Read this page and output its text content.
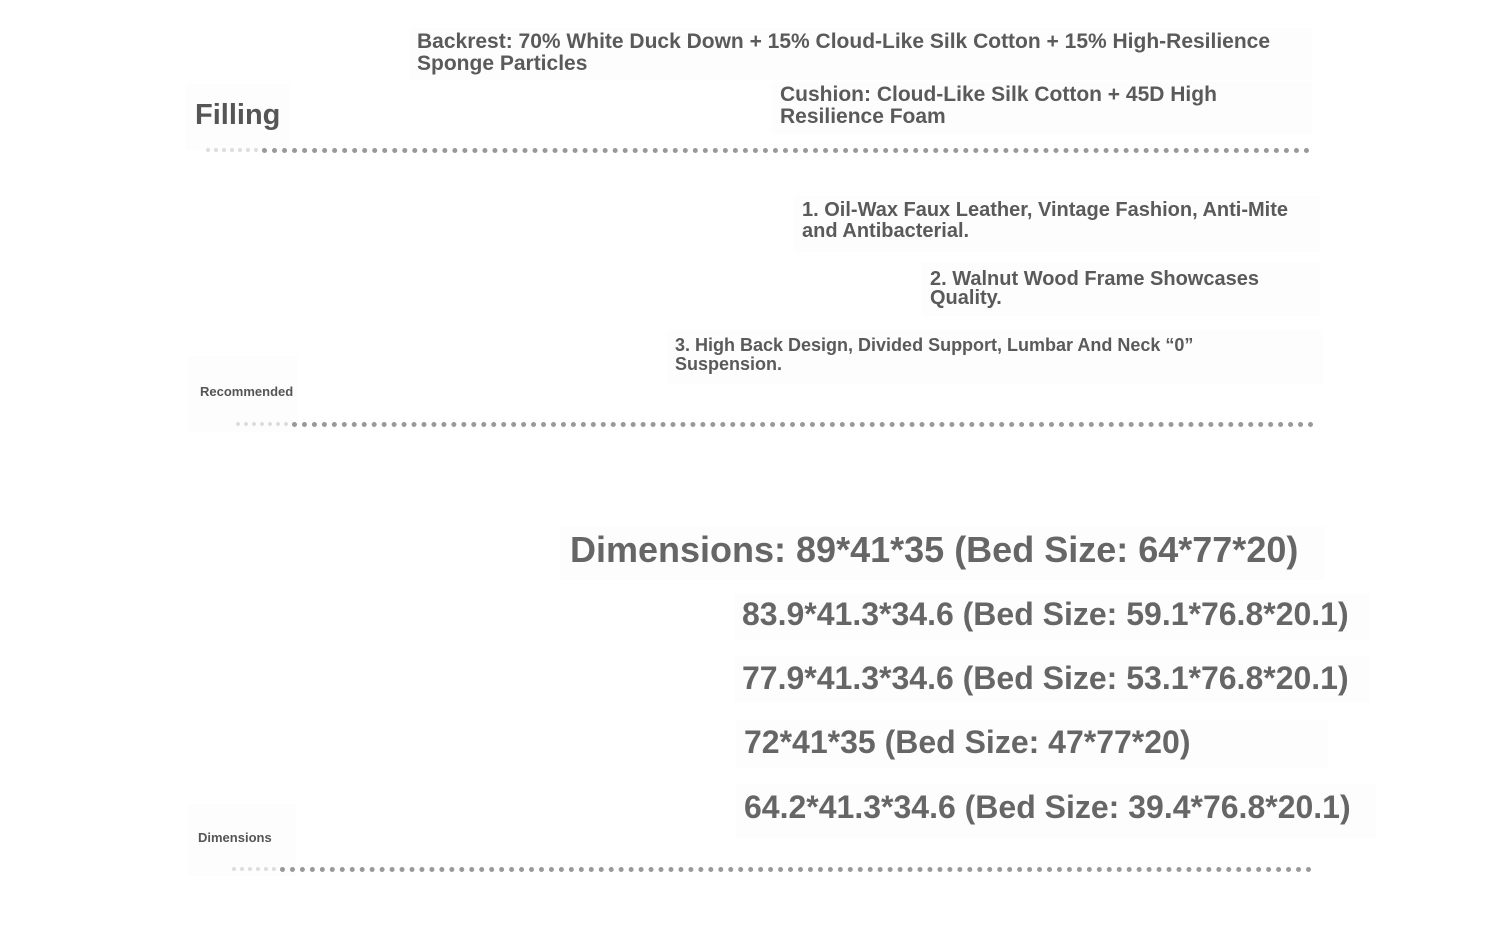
Filling
Backrest: 70% White Duck Down + 15% Cloud-Like Silk Cotton + 15% High-Resilience Sponge Particles
Cushion: Cloud-Like Silk Cotton + 45D High Resilience Foam
1. Oil-Wax Faux Leather, Vintage Fashion, Anti-Mite and Antibacterial.
2. Walnut Wood Frame Showcases Quality.
3. High Back Design, Divided Support, Lumbar And Neck “0” Suspension.
Recommended
Dimensions: 89*41*35 (Bed Size: 64*77*20)
83.9*41.3*34.6 (Bed Size: 59.1*76.8*20.1)
77.9*41.3*34.6 (Bed Size: 53.1*76.8*20.1)
72*41*35 (Bed Size: 47*77*20)
64.2*41.3*34.6 (Bed Size: 39.4*76.8*20.1)
Dimensions
